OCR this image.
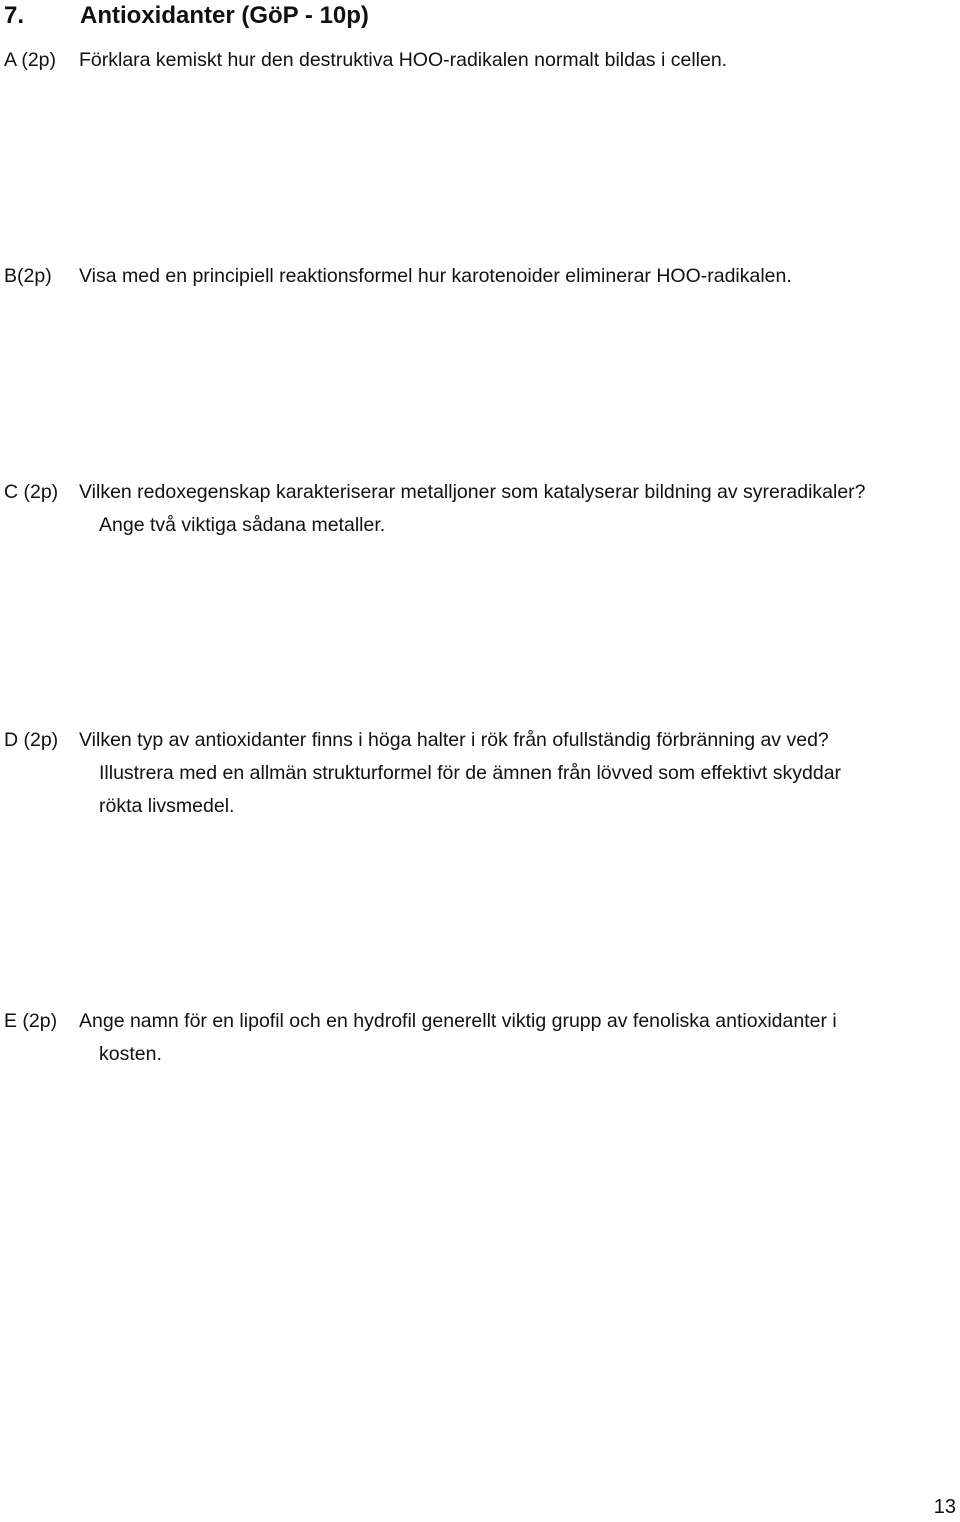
7. Antioxidanter (GöP - 10p)
A (2p) Förklara kemiskt hur den destruktiva HOO-radikalen normalt bildas i cellen.
B(2p) Visa med en principiell reaktionsformel hur karotenoider eliminerar HOO-radikalen.
C (2p) Vilken redoxegenskap karakteriserar metalljoner som katalyserar bildning av syreradikaler?
Ange två viktiga sådana metaller.
D (2p) Vilken typ av antioxidanter finns i höga halter i rök från ofullständig förbränning av ved?
Illustrera med en allmän strukturformel för de ämnen från lövved som effektivt skyddar
rökta livsmedel.
E (2p) Ange namn för en lipofil och en hydrofil generellt viktig grupp av fenoliska antioxidanter i
kosten.
13
